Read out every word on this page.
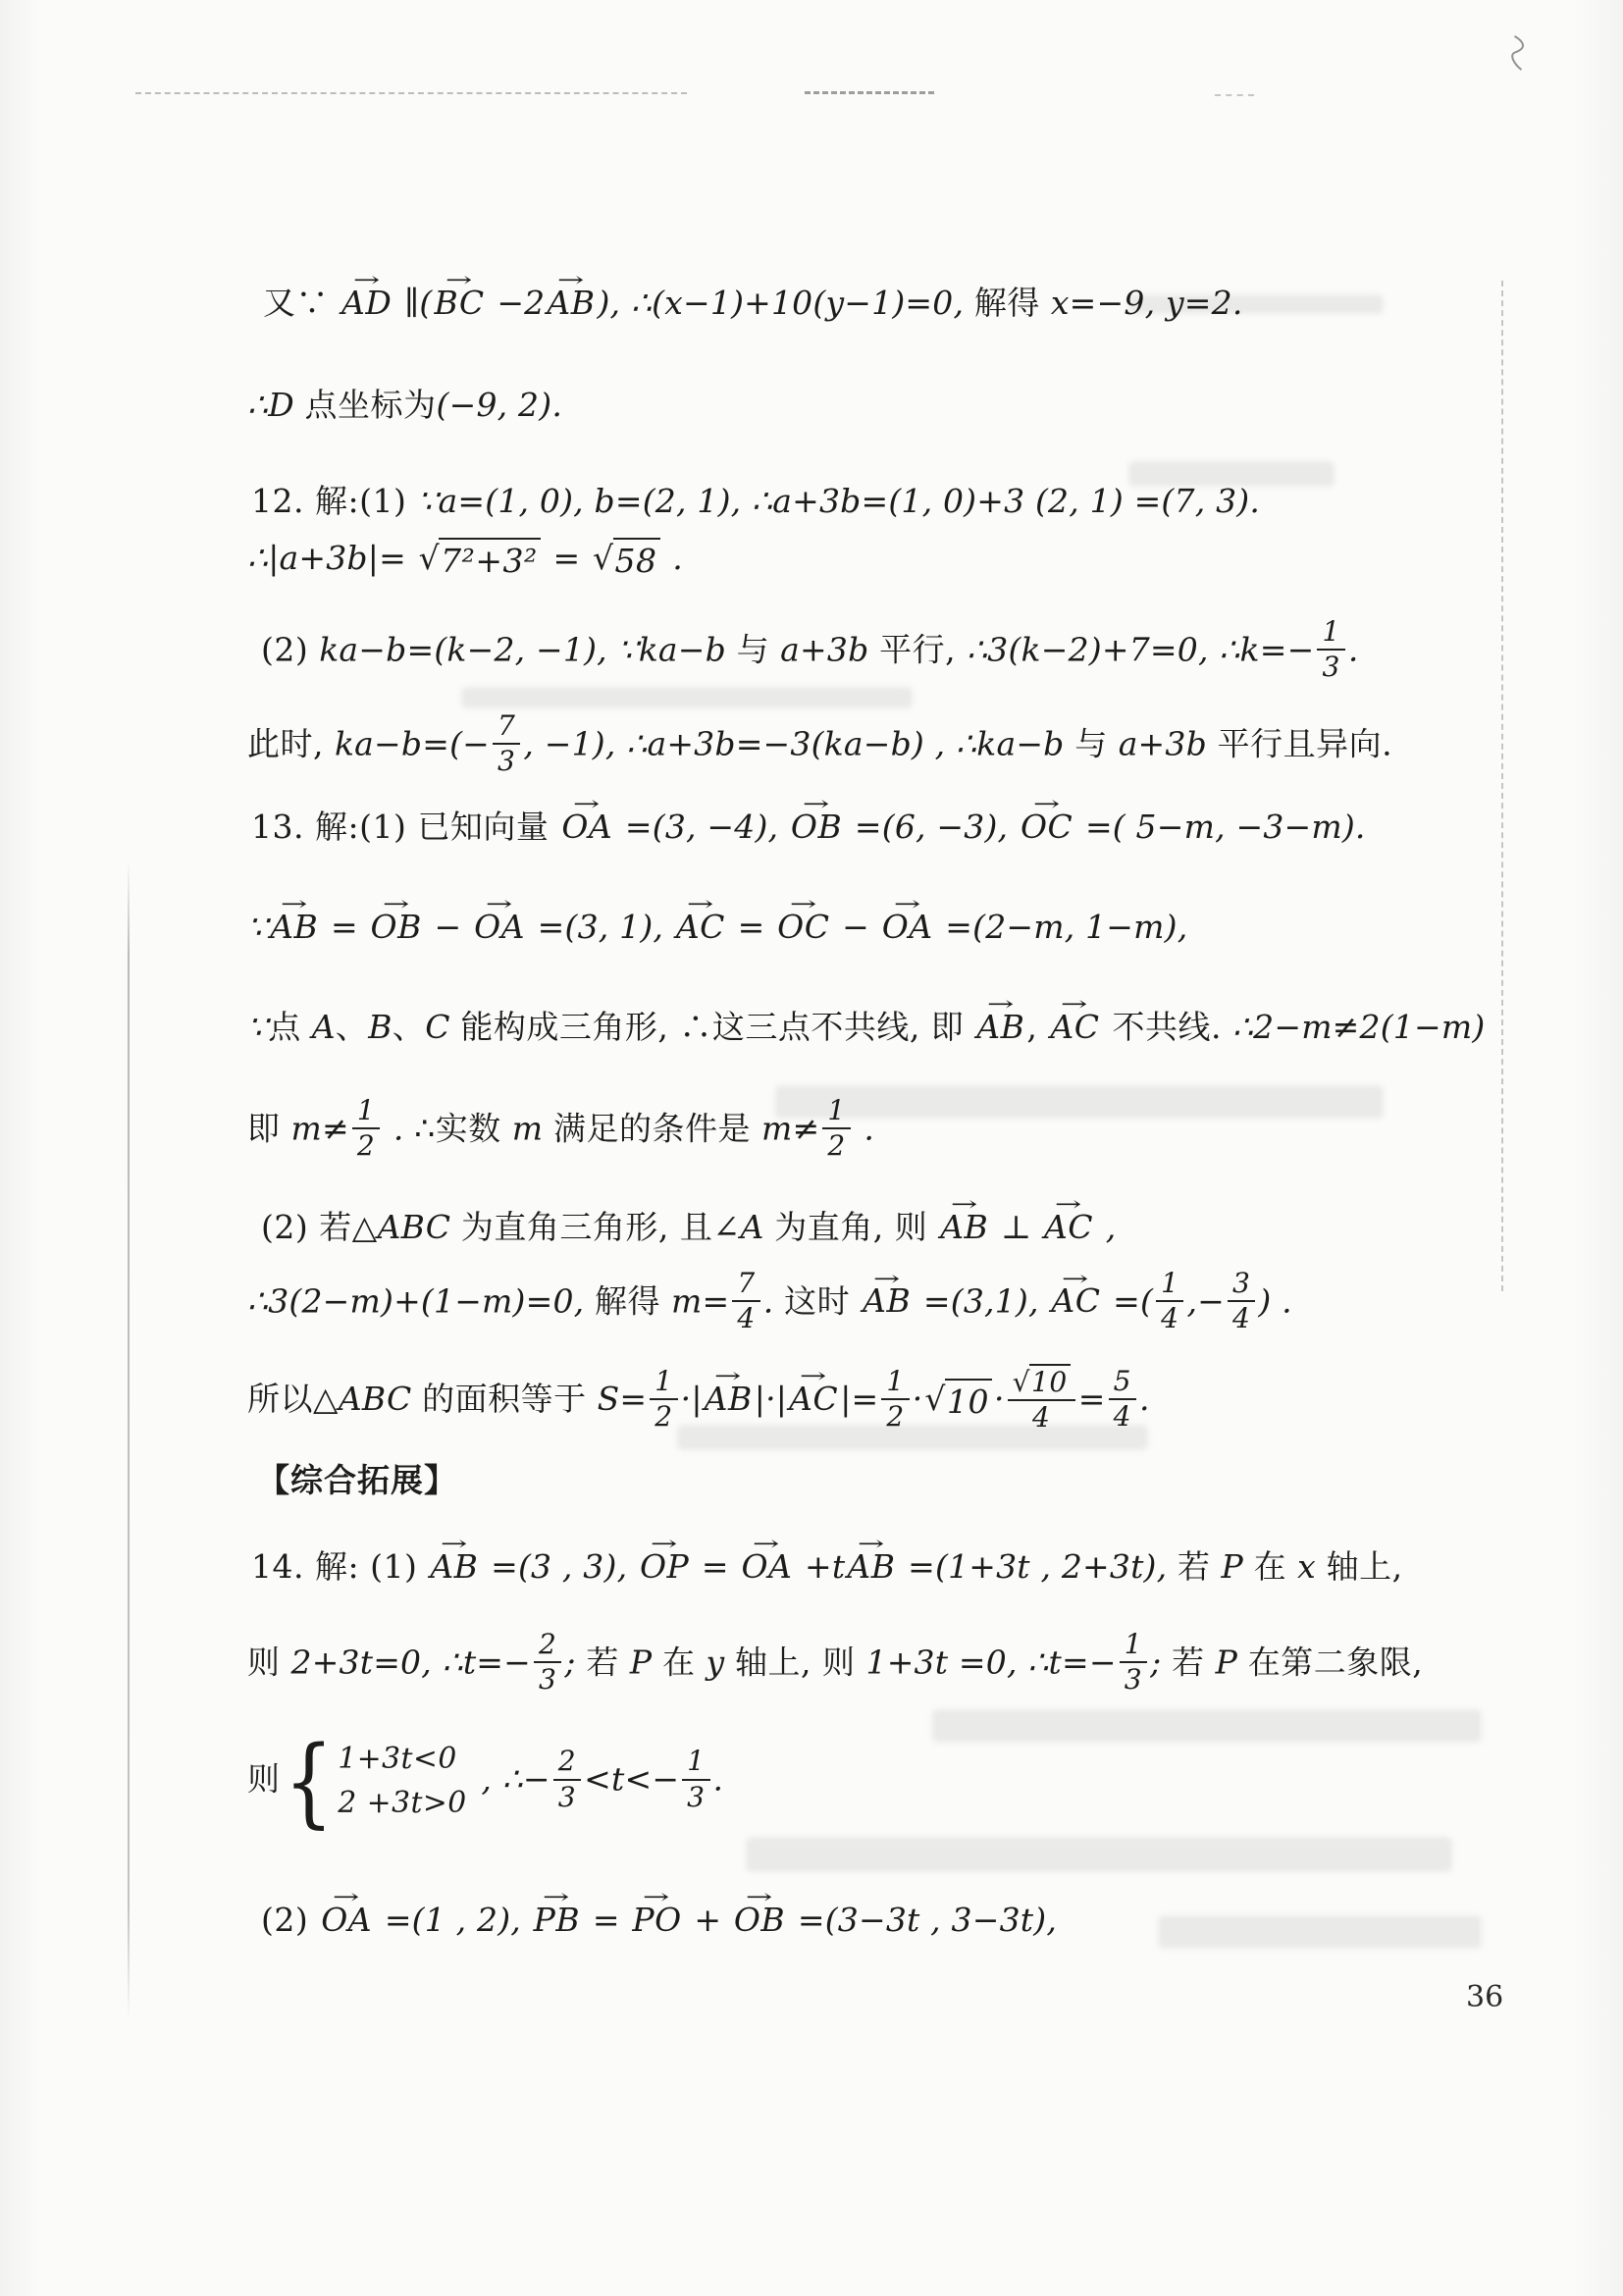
又∵ AD → ∥(BC → −2AB →), ∴(x−1)+10(y−1)=0, 解得 x=−9, y=2.
∴D 点坐标为(−9, 2).
12. 解:(1) ∵a=(1, 0), b=(2, 1), ∴a+3b=(1, 0)+3 (2, 1) =(7, 3).
∴|a+3b|= √ 7²+3² = √ 58 .
(2) ka−b=(k−2, −1), ∵ka−b 与 a+3b 平行, ∴3(k−2)+7=0, ∴k=− $\frac{1}{3}$ .
此时, $ka-b=(- \frac{7}{3}$ , −1), ∴a+3b=−3(ka−b) , ∴ka−b 与 a+3b 平行且异向.
13. 解:(1) 已知向量 OA → =(3, −4), OB → =(6, −3), OC → =( 5−m, −3−m).
∵AB → = OB → − OA → =(3, 1), AC → = OC → − OA → =(2−m, 1−m),
∵点 A、B、C 能构成三角形, ∴这三点不共线, 即 AB →, AC → 不共线. ∴2−m≠2(1−m)
即 $m\ne \frac{1}{2}$ . ∴实数 m 满足的条件是 $m\ne \frac{1}{2}$ .
(2) 若△ABC 为直角三角形, 且∠A 为直角, 则 AB → ⊥ AC → ,
∴3(2−m)+(1−m)=0, 解得 $m= \frac{7}{4}$ . 这时 AB → =(3,1), AC → =( $\frac{1}{4}$ ,− $\frac{3}{4}$ ) .
所以△ABC 的面积等于 $S= \frac{1}{2} \cdot|AB \to|\cdot|AC$ →|= $\frac{1}{2}$ · √ $10 \cdot \frac{√10}{4} = \frac{5}{4}$ .
【综合拓展】
14. 解: (1) AB → =(3 , 3), OP → = OA → +tAB → =(1+3t , 2+3t), 若 P 在 x 轴上,
则 2+3t=0, ∴t=− $\frac{2}{3}$ ; 若 P 在 y 轴上, 则 1+3t =0, ∴t=− $\frac{1}{3}$ ; 若 P 在第二象限,
则 { 1+3t<0
2 +3t>0
, ∴− $\frac{2}{3} <t<- \frac{1}{3}$ .
(2) OA → =(1 , 2), PB → = PO → + OB → =(3−3t , 3−3t),
36
